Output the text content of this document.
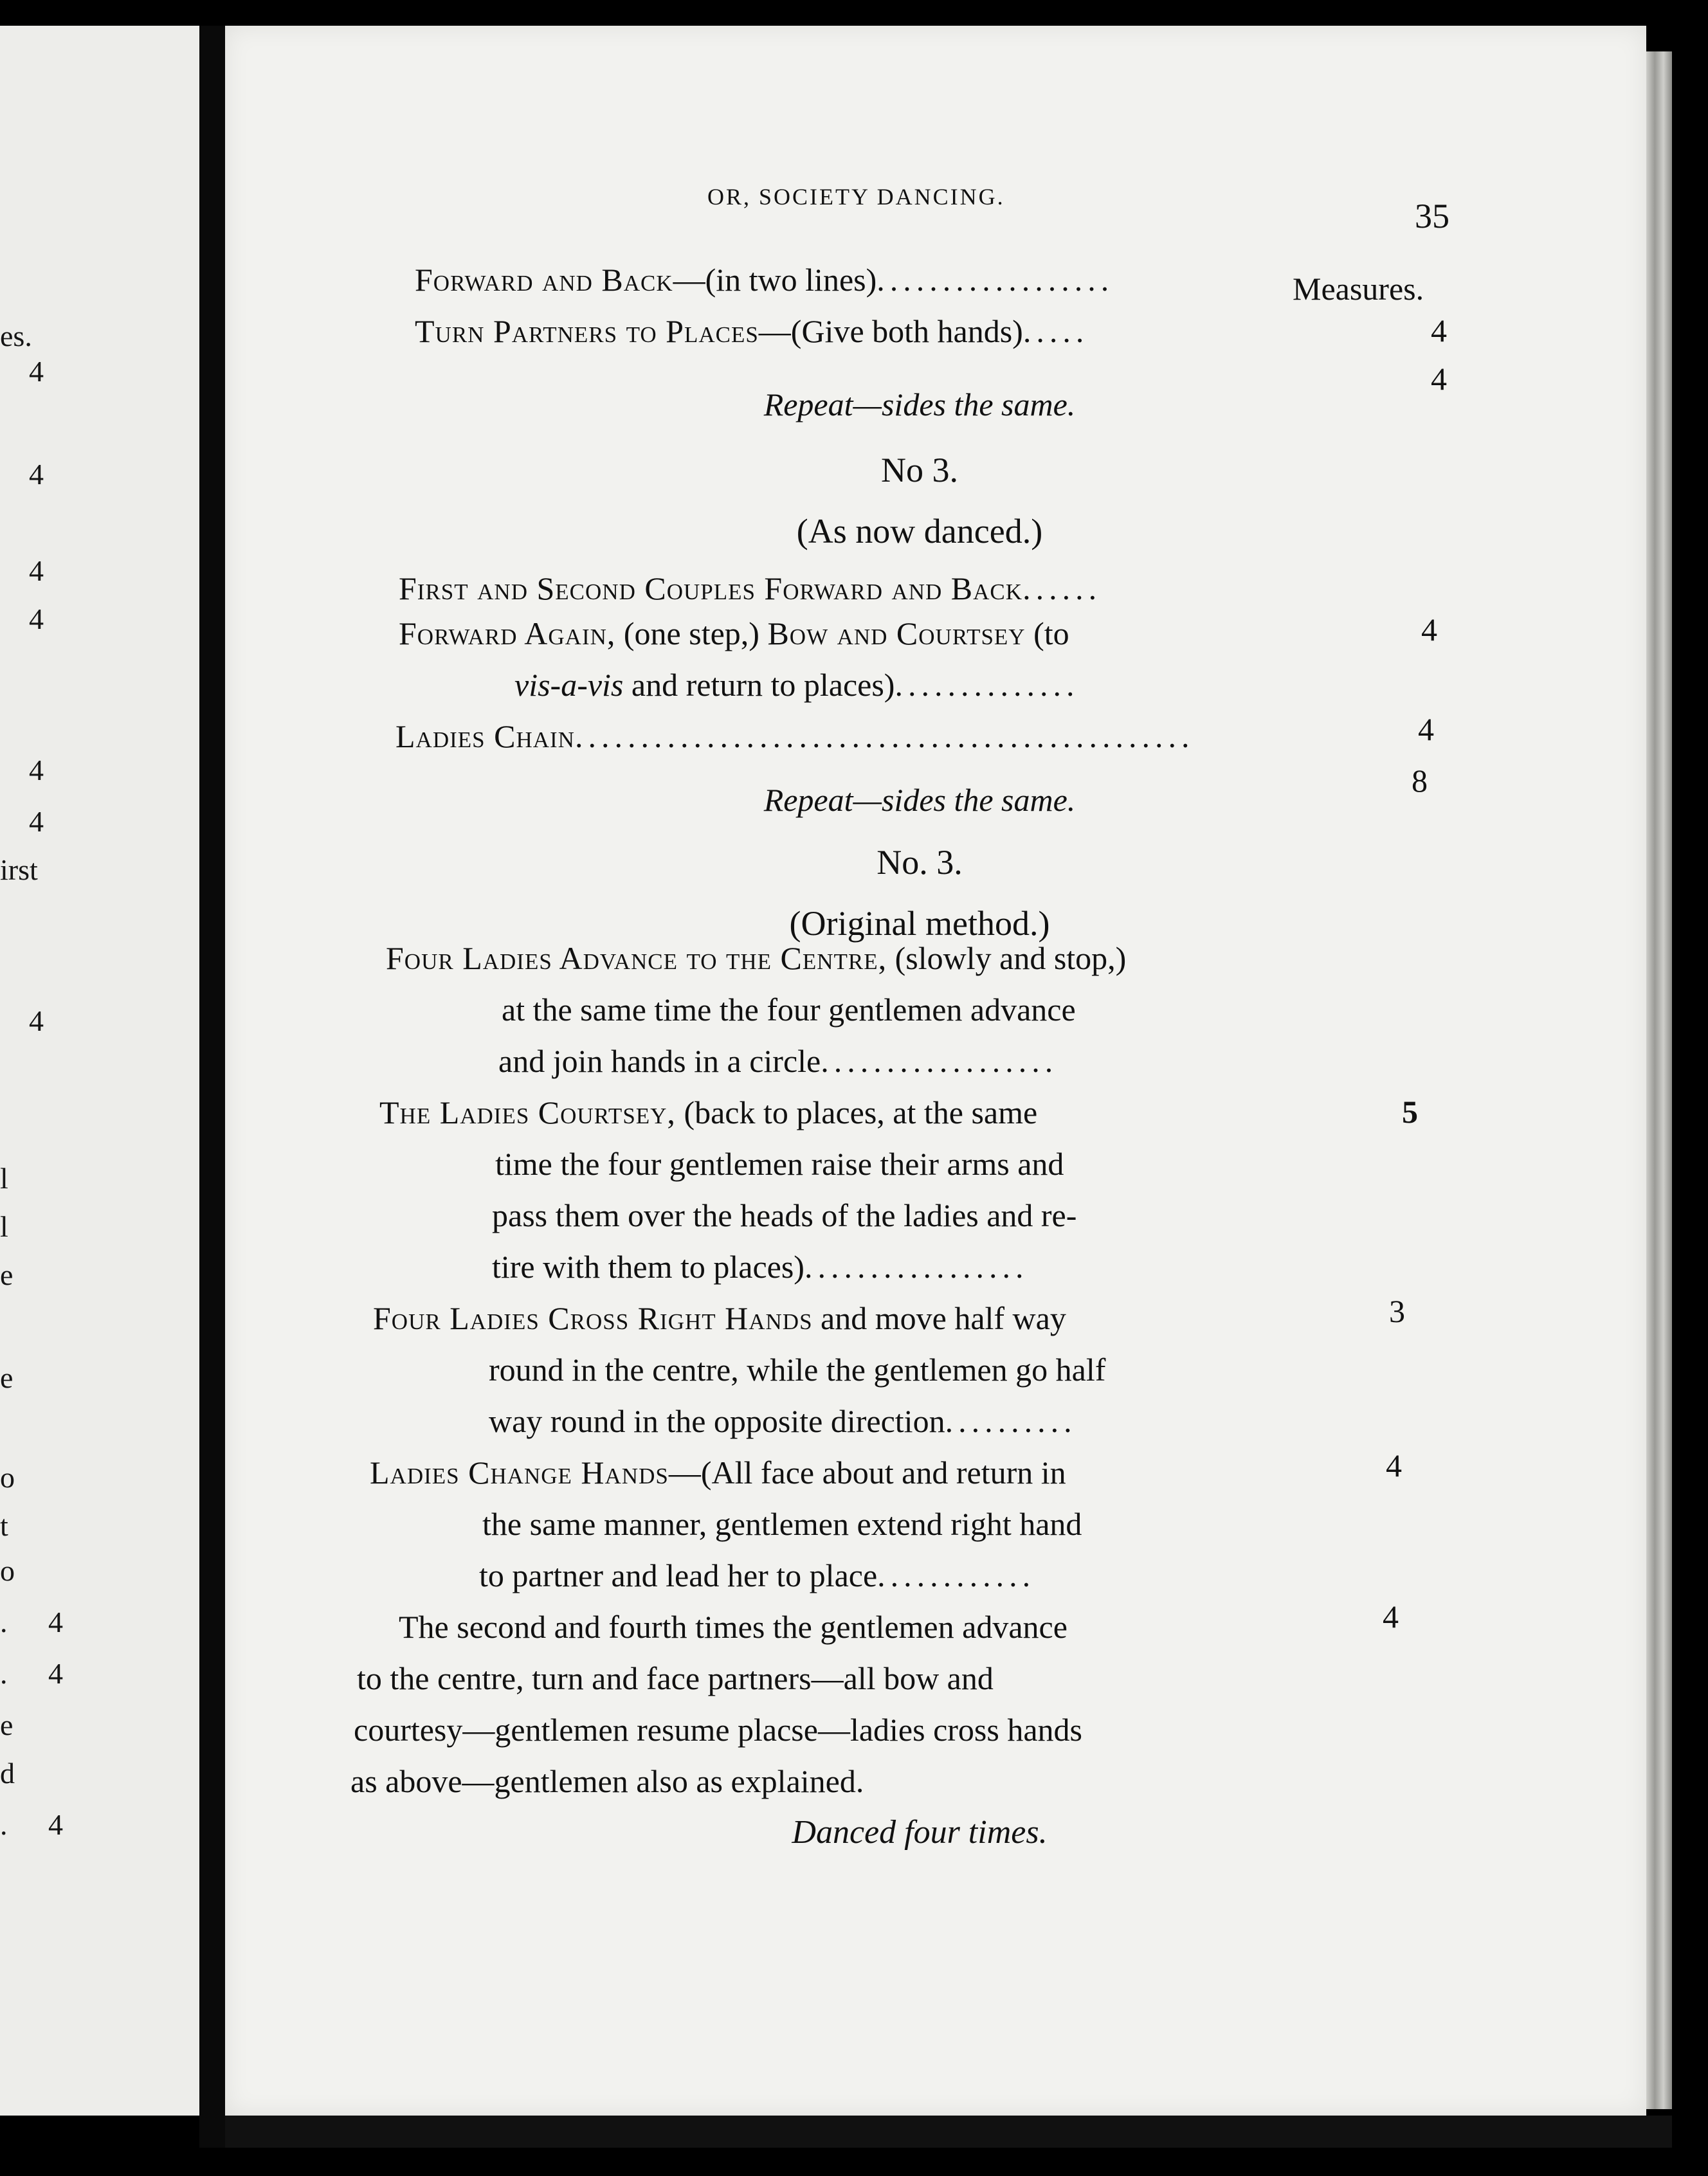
es.
4
4
4
4
4
4
irst
4
l
l
e
e
o
t
o
. 4
. 4
e
d
. 4
OR, SOCIETY DANCING.	35
Measures.
Forward and Back—(in two lines)..................
4
Turn Partners to Places—(Give both hands).....
4
Repeat—sides the same.
No 3.
(As now danced.)
First and Second Couples Forward and Back......
4
Forward Again, (one step,) Bow and Courtsey (to
vis-a-vis and return to places)..............
4
Ladies Chain...............................................
8
Repeat—sides the same.
No. 3.
(Original method.)
Four Ladies Advance to the Centre, (slowly and stop,)
at the same time the four gentlemen advance
and join hands in a circle..................
5
The Ladies Courtsey, (back to places, at the same
time the four gentlemen raise their arms and
pass them over the heads of the ladies and re-
tire with them to places).................
3
Four Ladies Cross Right Hands and move half way
round in the centre, while the gentlemen go half
way round in the opposite direction..........
4
Ladies Change Hands—(All face about and return in
the same manner, gentlemen extend right hand
to partner and lead her to place............
4
The second and fourth times the gentlemen advance
to the centre, turn and face partners—all bow and
courtesy—gentlemen resume placse—ladies cross hands
as above—gentlemen also as explained.
Danced four times.
